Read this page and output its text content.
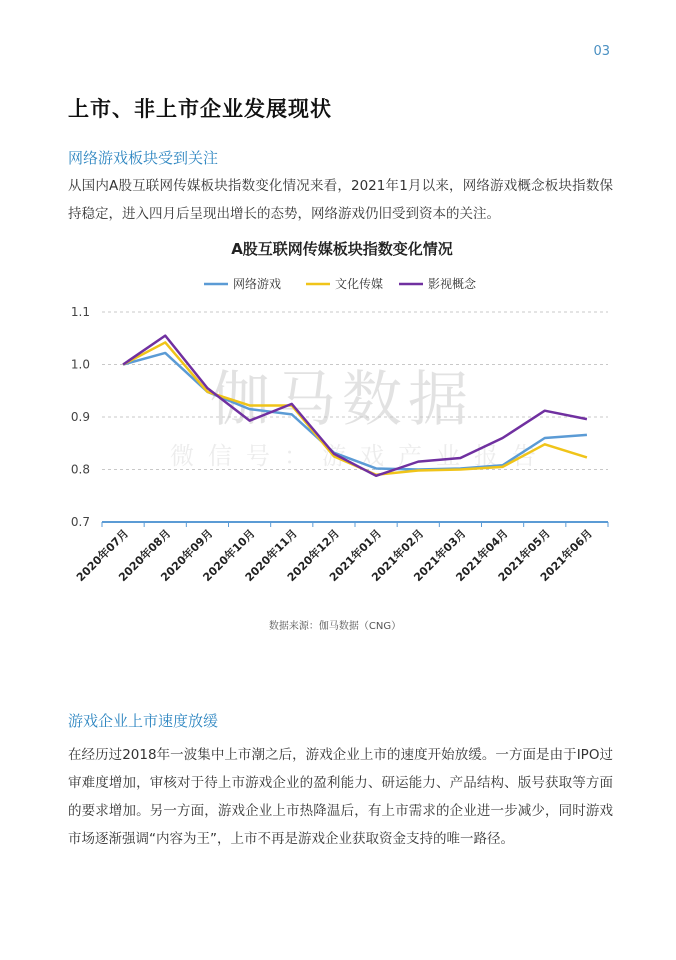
03
上市、非上市企业发展现状
网络游戏板块受到关注

从国内A股互联网传媒板块指数变化情况来看，2021年1月以来，网络游戏概念板块指数保持稳定，进入四月后呈现出增长的态势，网络游戏仍旧受到资本的关注。

伽马数据
微信号：游戏产业报告
A股互联网传媒板块指数变化情况
网络游戏	文化传媒	影视概念
0.7
0.8
0.9
1.0
1.1
2020年07月
2020年08月
2020年09月
2020年10月
2020年11月
2020年12月
2021年01月
2021年02月
2021年03月
2021年04月
2021年05月
2021年06月
数据来源：伽马数据（CNG）
游戏企业上市速度放缓

在经历过2018年一波集中上市潮之后，游戏企业上市的速度开始放缓。一方面是由于IPO过审难度增加，审核对于待上市游戏企业的盈利能力、研运能力、产品结构、版号获取等方面的要求增加。另一方面，游戏企业上市热降温后，有上市需求的企业进一步减少，同时游戏市场逐渐强调“内容为王”，上市不再是游戏企业获取资金支持的唯一路径。
